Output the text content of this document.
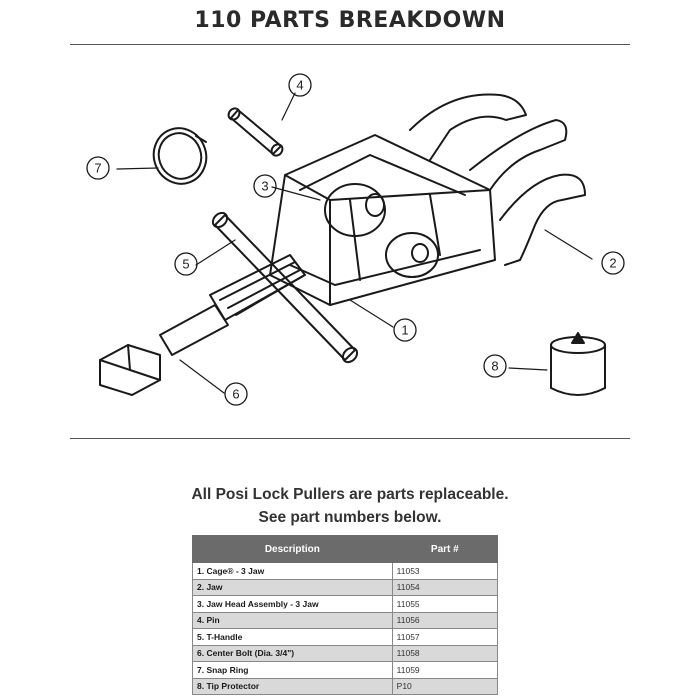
110 PARTS BREAKDOWN
1
2
3
4
5
6
7
8
All Posi Lock Pullers are parts replaceable.
See part numbers below.
Description	Part #
1. Cage® - 3 Jaw	11053
2. Jaw	11054
3. Jaw Head Assembly - 3 Jaw	11055
4. Pin	11056
5. T-Handle	11057
6. Center Bolt (Dia. 3/4")	11058
7. Snap Ring	11059
8. Tip Protector	P10
